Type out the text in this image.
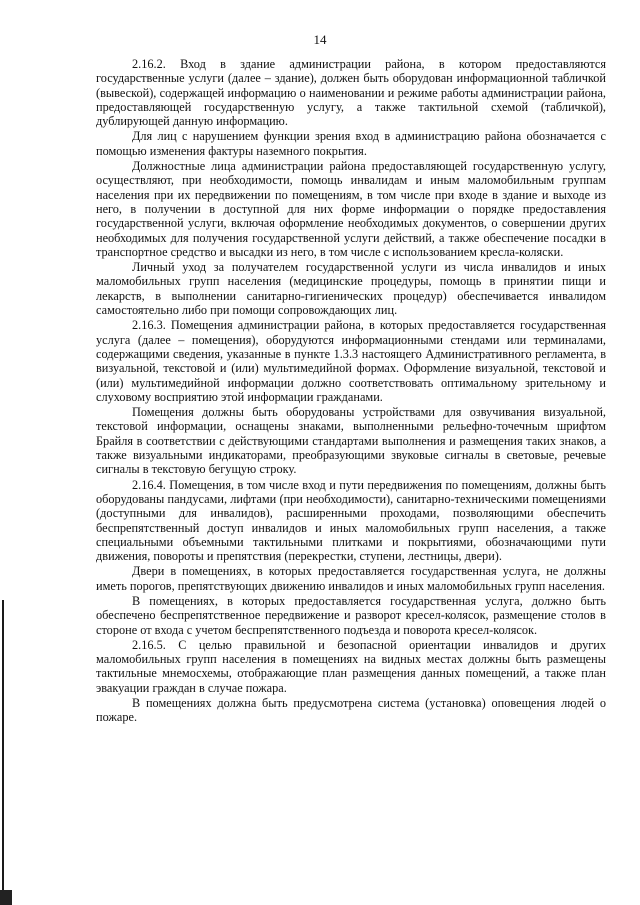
14

2.16.2. Вход в здание администрации района, в котором предоставляются государственные услуги (далее – здание), должен быть оборудован информационной табличкой (вывеской), содержащей информацию о наименовании и режиме работы администрации района, предоставляющей государственную услугу, а также тактильной схемой (табличкой), дублирующей данную информацию.

Для лиц с нарушением функции зрения вход в администрацию района обозначается с помощью изменения фактуры наземного покрытия.

Должностные лица администрации района предоставляющей государственную услугу, осуществляют, при необходимости, помощь инвалидам и иным маломобильным группам населения при их передвижении по помещениям, в том числе при входе в здание и выходе из него, в получении в доступной для них форме информации о порядке предоставления государственной услуги, включая оформление необходимых документов, о совершении других необходимых для получения государственной услуги действий, а также обеспечение посадки в транспортное средство и высадки из него, в том числе с использованием кресла-коляски.

Личный уход за получателем государственной услуги из числа инвалидов и иных маломобильных групп населения (медицинские процедуры, помощь в принятии пищи и лекарств, в выполнении санитарно-гигиенических процедур) обеспечивается инвалидом самостоятельно либо при помощи сопровождающих лиц.

2.16.3. Помещения администрации района, в которых предоставляется государственная услуга (далее – помещения), оборудуются информационными стендами или терминалами, содержащими сведения, указанные в пункте 1.3.3 настоящего Административного регламента, в визуальной, текстовой и (или) мультимедийной формах. Оформление визуальной, текстовой и (или) мультимедийной информации должно соответствовать оптимальному зрительному и слуховому восприятию этой информации гражданами.

Помещения должны быть оборудованы устройствами для озвучивания визуальной, текстовой информации, оснащены знаками, выполненными рельефно-точечным шрифтом Брайля в соответствии с действующими стандартами выполнения и размещения таких знаков, а также визуальными индикаторами, преобразующими звуковые сигналы в световые, речевые сигналы в текстовую бегущую строку.

2.16.4. Помещения, в том числе вход и пути передвижения по помещениям, должны быть оборудованы пандусами, лифтами (при необходимости), санитарно-техническими помещениями (доступными для инвалидов), расширенными проходами, позволяющими обеспечить беспрепятственный доступ инвалидов и иных маломобильных групп населения, а также специальными объемными тактильными плитками и покрытиями, обозначающими пути движения, повороты и препятствия (перекрестки, ступени, лестницы, двери).

Двери в помещениях, в которых предоставляется государственная услуга, не должны иметь порогов, препятствующих движению инвалидов и иных маломобильных групп населения.

В помещениях, в которых предоставляется государственная услуга, должно быть обеспечено беспрепятственное передвижение и разворот кресел-колясок, размещение столов в стороне от входа с учетом беспрепятственного подъезда и поворота кресел-колясок.

2.16.5. С целью правильной и безопасной ориентации инвалидов и других маломобильных групп населения в помещениях на видных местах должны быть размещены тактильные мнемосхемы, отображающие план размещения данных помещений, а также план эвакуации граждан в случае пожара.

В помещениях должна быть предусмотрена система (установка) оповещения людей о пожаре.
